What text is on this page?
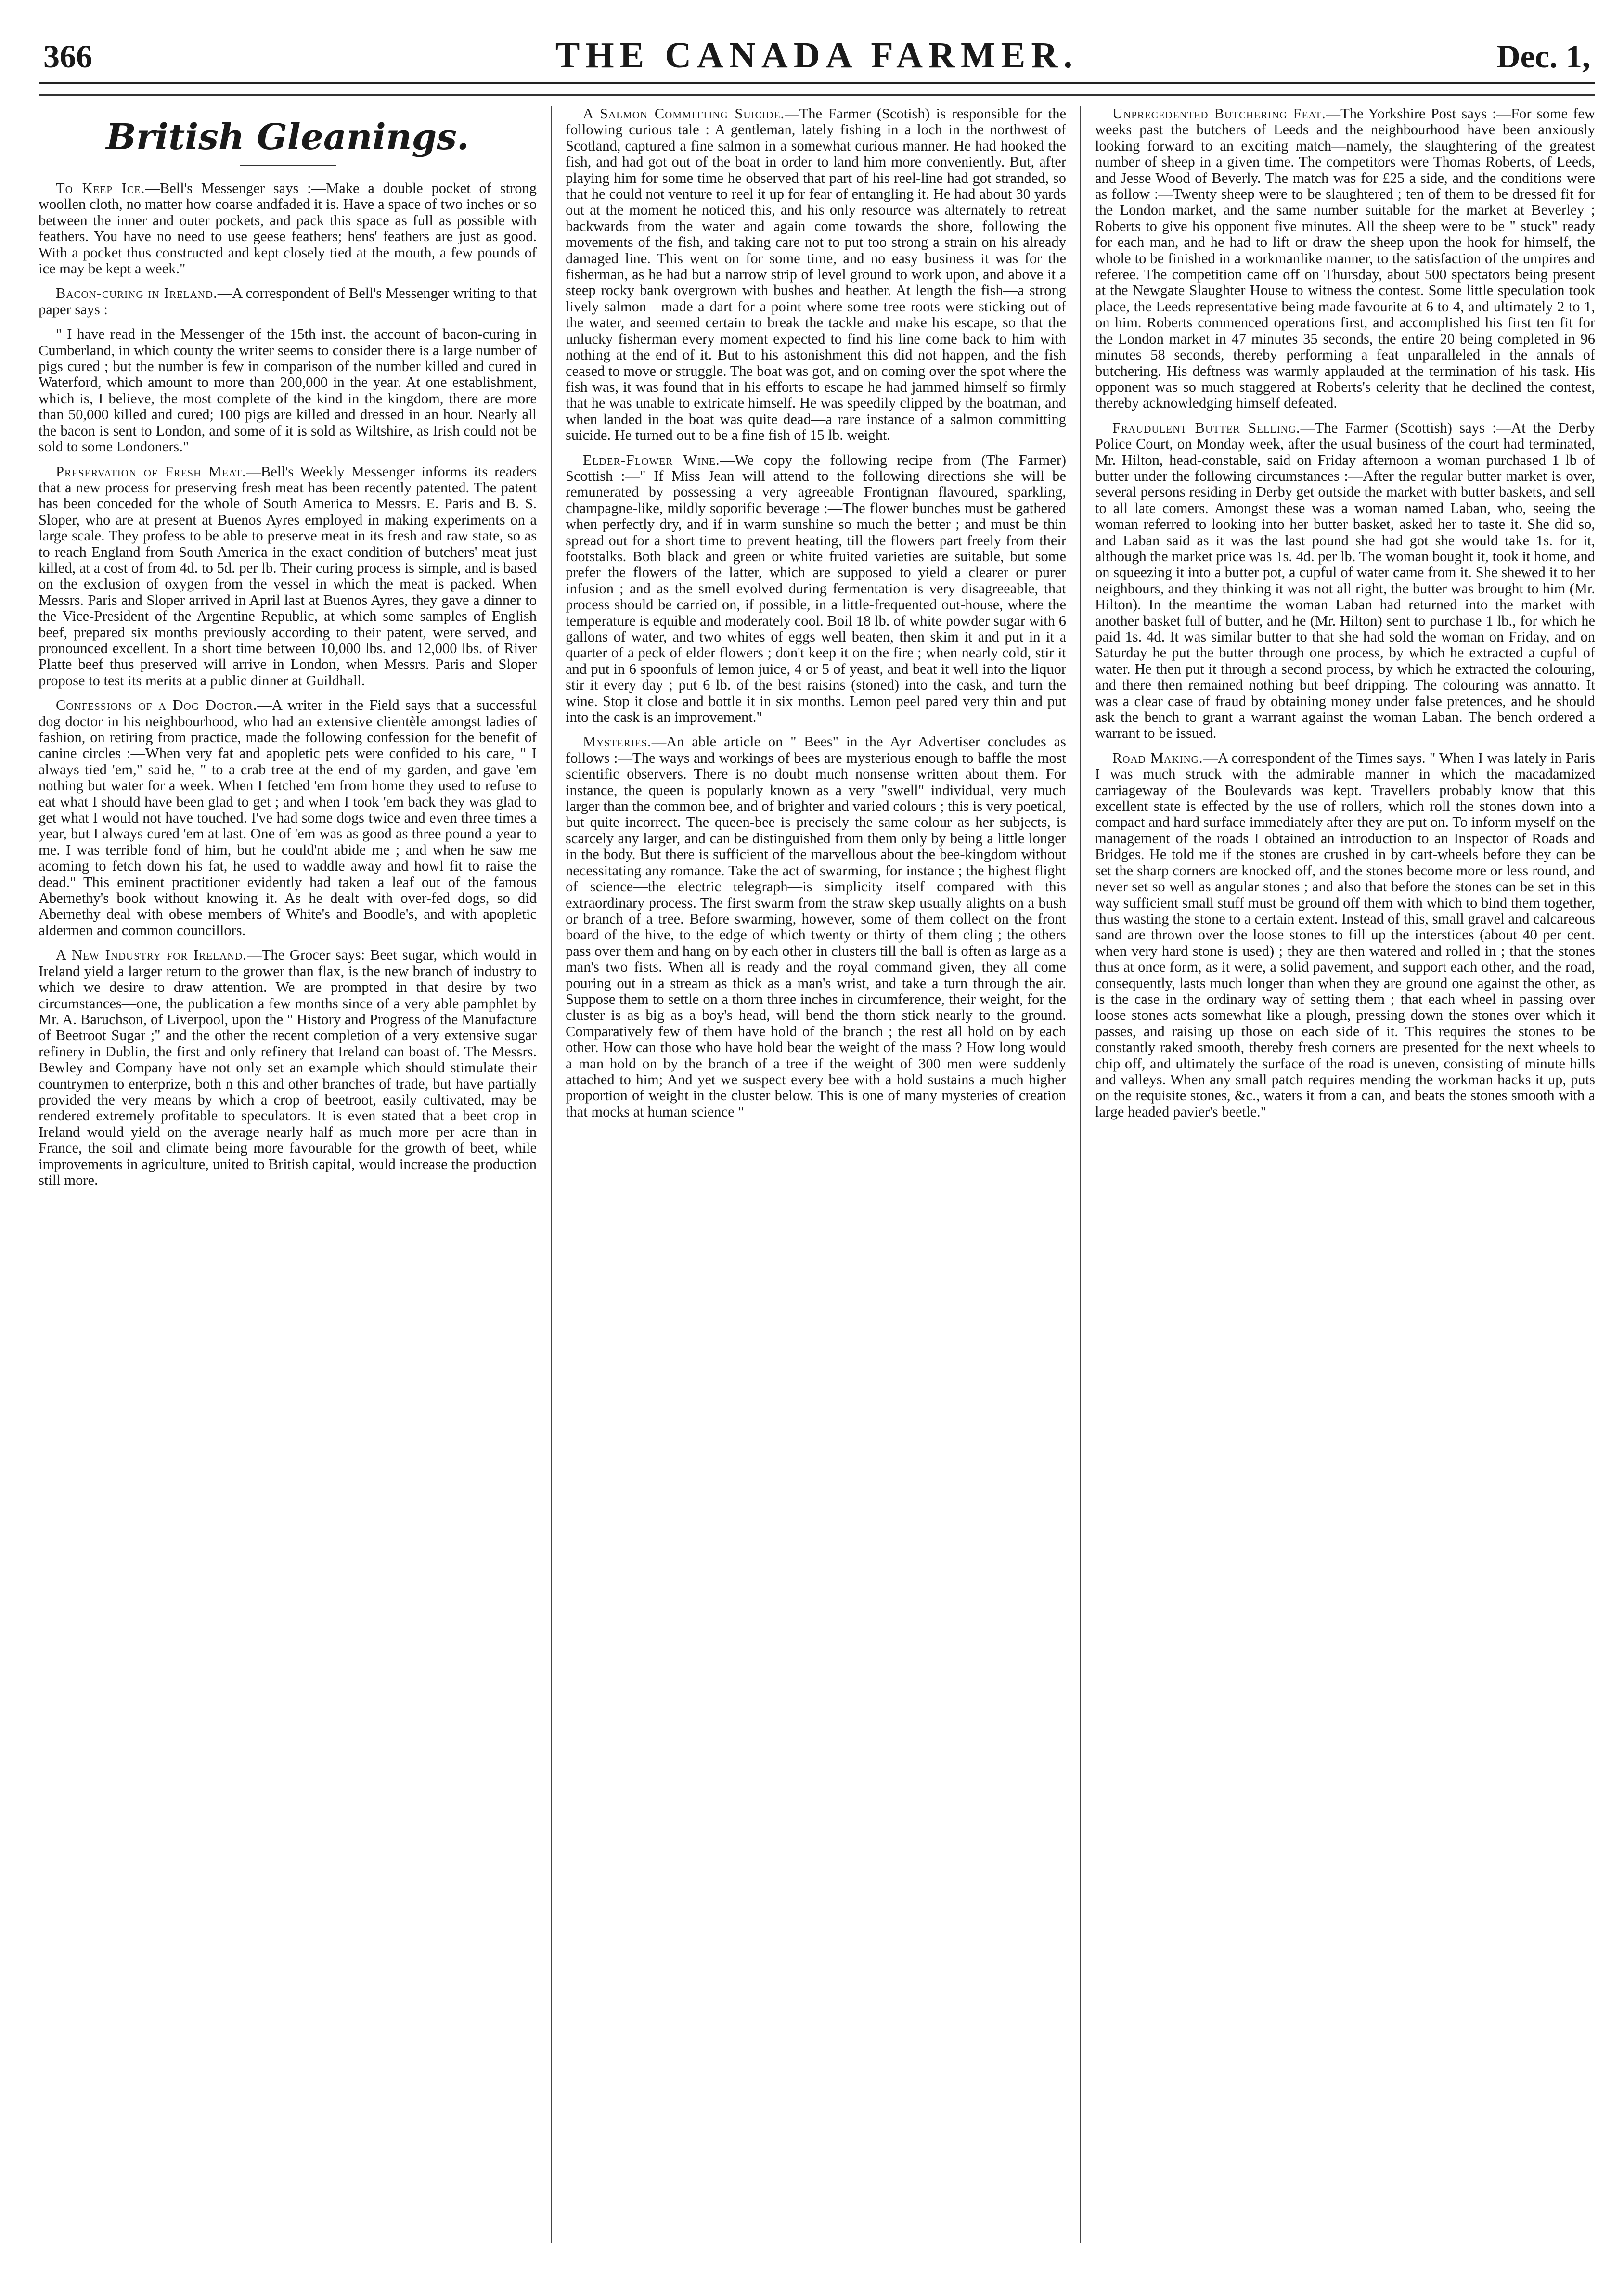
366	THE CANADA FARMER.	Dec. 1,
British Gleanings.

To Keep Ice.—Bell's Messenger says :—Make a double pocket of strong woollen cloth, no matter how coarse andfaded it is. Have a space of two inches or so between the inner and outer pockets, and pack this space as full as possible with feathers. You have no need to use geese feathers; hens' feathers are just as good. With a pocket thus constructed and kept closely tied at the mouth, a few pounds of ice may be kept a week."

Bacon-curing in Ireland.—A correspondent of Bell's Messenger writing to that paper says :

" I have read in the Messenger of the 15th inst. the account of bacon-curing in Cumberland, in which county the writer seems to consider there is a large number of pigs cured ; but the number is few in comparison of the number killed and cured in Waterford, which amount to more than 200,000 in the year. At one establishment, which is, I believe, the most complete of the kind in the kingdom, there are more than 50,000 killed and cured; 100 pigs are killed and dressed in an hour. Nearly all the bacon is sent to London, and some of it is sold as Wiltshire, as Irish could not be sold to some Londoners."

Preservation of Fresh Meat.—Bell's Weekly Messenger informs its readers that a new process for preserving fresh meat has been recently patented. The patent has been conceded for the whole of South America to Messrs. E. Paris and B. S. Sloper, who are at present at Buenos Ayres employed in making experiments on a large scale. They profess to be able to preserve meat in its fresh and raw state, so as to reach England from South America in the exact condition of butchers' meat just killed, at a cost of from 4d. to 5d. per lb. Their curing process is simple, and is based on the exclusion of oxygen from the vessel in which the meat is packed. When Messrs. Paris and Sloper arrived in April last at Buenos Ayres, they gave a dinner to the Vice-President of the Argentine Republic, at which some samples of English beef, prepared six months previously according to their patent, were served, and pronounced excellent. In a short time between 10,000 lbs. and 12,000 lbs. of River Platte beef thus preserved will arrive in London, when Messrs. Paris and Sloper propose to test its merits at a public dinner at Guildhall.

Confessions of a Dog Doctor.—A writer in the Field says that a successful dog doctor in his neighbourhood, who had an extensive clientèle amongst ladies of fashion, on retiring from practice, made the following confession for the benefit of canine circles :—When very fat and apopletic pets were confided to his care, " I always tied 'em," said he, " to a crab tree at the end of my garden, and gave 'em nothing but water for a week. When I fetched 'em from home they used to refuse to eat what I should have been glad to get ; and when I took 'em back they was glad to get what I would not have touched. I've had some dogs twice and even three times a year, but I always cured 'em at last. One of 'em was as good as three pound a year to me. I was terrible fond of him, but he could'nt abide me ; and when he saw me acoming to fetch down his fat, he used to waddle away and howl fit to raise the dead." This eminent practitioner evidently had taken a leaf out of the famous Abernethy's book without knowing it. As he dealt with over-fed dogs, so did Abernethy deal with obese members of White's and Boodle's, and with apopletic aldermen and common councillors.

A New Industry for Ireland.—The Grocer says: Beet sugar, which would in Ireland yield a larger return to the grower than flax, is the new branch of industry to which we desire to draw attention. We are prompted in that desire by two circumstances—one, the publication a few months since of a very able pamphlet by Mr. A. Baruchson, of Liverpool, upon the " History and Progress of the Manufacture of Beetroot Sugar ;" and the other the recent completion of a very extensive sugar refinery in Dublin, the first and only refinery that Ireland can boast of. The Messrs. Bewley and Company have not only set an example which should stimulate their countrymen to enterprize, both n this and other branches of trade, but have partially provided the very means by which a crop of beetroot, easily cultivated, may be rendered extremely profitable to speculators. It is even stated that a beet crop in Ireland would yield on the average nearly half as much more per acre than in France, the soil and climate being more favourable for the growth of beet, while improvements in agriculture, united to British capital, would increase the production still more.

A Salmon Committing Suicide.—The Farmer (Scotish) is responsible for the following curious tale : A gentleman, lately fishing in a loch in the northwest of Scotland, captured a fine salmon in a somewhat curious manner. He had hooked the fish, and had got out of the boat in order to land him more conveniently. But, after playing him for some time he observed that part of his reel-line had got stranded, so that he could not venture to reel it up for fear of entangling it. He had about 30 yards out at the moment he noticed this, and his only resource was alternately to retreat backwards from the water and again come towards the shore, following the movements of the fish, and taking care not to put too strong a strain on his already damaged line. This went on for some time, and no easy business it was for the fisherman, as he had but a narrow strip of level ground to work upon, and above it a steep rocky bank overgrown with bushes and heather. At length the fish—a strong lively salmon—made a dart for a point where some tree roots were sticking out of the water, and seemed certain to break the tackle and make his escape, so that the unlucky fisherman every moment expected to find his line come back to him with nothing at the end of it. But to his astonishment this did not happen, and the fish ceased to move or struggle. The boat was got, and on coming over the spot where the fish was, it was found that in his efforts to escape he had jammed himself so firmly that he was unable to extricate himself. He was speedily clipped by the boatman, and when landed in the boat was quite dead—a rare instance of a salmon committing suicide. He turned out to be a fine fish of 15 lb. weight.

Elder-Flower Wine.—We copy the following recipe from (The Farmer) Scottish :—" If Miss Jean will attend to the following directions she will be remunerated by possessing a very agreeable Frontignan flavoured, sparkling, champagne-like, mildly soporific beverage :—The flower bunches must be gathered when perfectly dry, and if in warm sunshine so much the better ; and must be thin spread out for a short time to prevent heating, till the flowers part freely from their footstalks. Both black and green or white fruited varieties are suitable, but some prefer the flowers of the latter, which are supposed to yield a clearer or purer infusion ; and as the smell evolved during fermentation is very disagreeable, that process should be carried on, if possible, in a little-frequented out-house, where the temperature is equible and moderately cool. Boil 18 lb. of white powder sugar with 6 gallons of water, and two whites of eggs well beaten, then skim it and put in it a quarter of a peck of elder flowers ; don't keep it on the fire ; when nearly cold, stir it and put in 6 spoonfuls of lemon juice, 4 or 5 of yeast, and beat it well into the liquor stir it every day ; put 6 lb. of the best raisins (stoned) into the cask, and turn the wine. Stop it close and bottle it in six months. Lemon peel pared very thin and put into the cask is an improvement."

Mysteries.—An able article on " Bees" in the Ayr Advertiser concludes as follows :—The ways and workings of bees are mysterious enough to baffle the most scientific observers. There is no doubt much nonsense written about them. For instance, the queen is popularly known as a very "swell" individual, very much larger than the common bee, and of brighter and varied colours ; this is very poetical, but quite incorrect. The queen-bee is precisely the same colour as her subjects, is scarcely any larger, and can be distinguished from them only by being a little longer in the body. But there is sufficient of the marvellous about the bee-kingdom without necessitating any romance. Take the act of swarming, for instance ; the highest flight of science—the electric telegraph—is simplicity itself compared with this extraordinary process. The first swarm from the straw skep usually alights on a bush or branch of a tree. Before swarming, however, some of them collect on the front board of the hive, to the edge of which twenty or thirty of them cling ; the others pass over them and hang on by each other in clusters till the ball is often as large as a man's two fists. When all is ready and the royal command given, they all come pouring out in a stream as thick as a man's wrist, and take a turn through the air. Suppose them to settle on a thorn three inches in circumference, their weight, for the cluster is as big as a boy's head, will bend the thorn stick nearly to the ground. Comparatively few of them have hold of the branch ; the rest all hold on by each other. How can those who have hold bear the weight of the mass ? How long would a man hold on by the branch of a tree if the weight of 300 men were suddenly attached to him; And yet we suspect every bee with a hold sustains a much higher proportion of weight in the cluster below. This is one of many mysteries of creation that mocks at human science "

Unprecedented Butchering Feat.—The Yorkshire Post says :—For some few weeks past the butchers of Leeds and the neighbourhood have been anxiously looking forward to an exciting match—namely, the slaughtering of the greatest number of sheep in a given time. The competitors were Thomas Roberts, of Leeds, and Jesse Wood of Beverly. The match was for £25 a side, and the conditions were as follow :—Twenty sheep were to be slaughtered ; ten of them to be dressed fit for the London market, and the same number suitable for the market at Beverley ; Roberts to give his opponent five minutes. All the sheep were to be " stuck" ready for each man, and he had to lift or draw the sheep upon the hook for himself, the whole to be finished in a workmanlike manner, to the satisfaction of the umpires and referee. The competition came off on Thursday, about 500 spectators being present at the Newgate Slaughter House to witness the contest. Some little speculation took place, the Leeds representative being made favourite at 6 to 4, and ultimately 2 to 1, on him. Roberts commenced operations first, and accomplished his first ten fit for the London market in 47 minutes 35 seconds, the entire 20 being completed in 96 minutes 58 seconds, thereby performing a feat unparalleled in the annals of butchering. His deftness was warmly applauded at the termination of his task. His opponent was so much staggered at Roberts's celerity that he declined the contest, thereby acknowledging himself defeated.

Fraudulent Butter Selling.—The Farmer (Scottish) says :—At the Derby Police Court, on Monday week, after the usual business of the court had terminated, Mr. Hilton, head-constable, said on Friday afternoon a woman purchased 1 lb of butter under the following circumstances :—After the regular butter market is over, several persons residing in Derby get outside the market with butter baskets, and sell to all late comers. Amongst these was a woman named Laban, who, seeing the woman referred to looking into her butter basket, asked her to taste it. She did so, and Laban said as it was the last pound she had got she would take 1s. for it, although the market price was 1s. 4d. per lb. The woman bought it, took it home, and on squeezing it into a butter pot, a cupful of water came from it. She shewed it to her neighbours, and they thinking it was not all right, the butter was brought to him (Mr. Hilton). In the meantime the woman Laban had returned into the market with another basket full of butter, and he (Mr. Hilton) sent to purchase 1 lb., for which he paid 1s. 4d. It was similar butter to that she had sold the woman on Friday, and on Saturday he put the butter through one process, by which he extracted a cupful of water. He then put it through a second process, by which he extracted the colouring, and there then remained nothing but beef dripping. The colouring was annatto. It was a clear case of fraud by obtaining money under false pretences, and he should ask the bench to grant a warrant against the woman Laban. The bench ordered a warrant to be issued.

Road Making.—A correspondent of the Times says. " When I was lately in Paris I was much struck with the admirable manner in which the macadamized carriageway of the Boulevards was kept. Travellers probably know that this excellent state is effected by the use of rollers, which roll the stones down into a compact and hard surface immediately after they are put on. To inform myself on the management of the roads I obtained an introduction to an Inspector of Roads and Bridges. He told me if the stones are crushed in by cart-wheels before they can be set the sharp corners are knocked off, and the stones become more or less round, and never set so well as angular stones ; and also that before the stones can be set in this way sufficient small stuff must be ground off them with which to bind them together, thus wasting the stone to a certain extent. Instead of this, small gravel and calcareous sand are thrown over the loose stones to fill up the interstices (about 40 per cent. when very hard stone is used) ; they are then watered and rolled in ; that the stones thus at once form, as it were, a solid pavement, and support each other, and the road, consequently, lasts much longer than when they are ground one against the other, as is the case in the ordinary way of setting them ; that each wheel in passing over loose stones acts somewhat like a plough, pressing down the stones over which it passes, and raising up those on each side of it. This requires the stones to be constantly raked smooth, thereby fresh corners are presented for the next wheels to chip off, and ultimately the surface of the road is uneven, consisting of minute hills and valleys. When any small patch requires mending the workman hacks it up, puts on the requisite stones, &c., waters it from a can, and beats the stones smooth with a large headed pavier's beetle."
